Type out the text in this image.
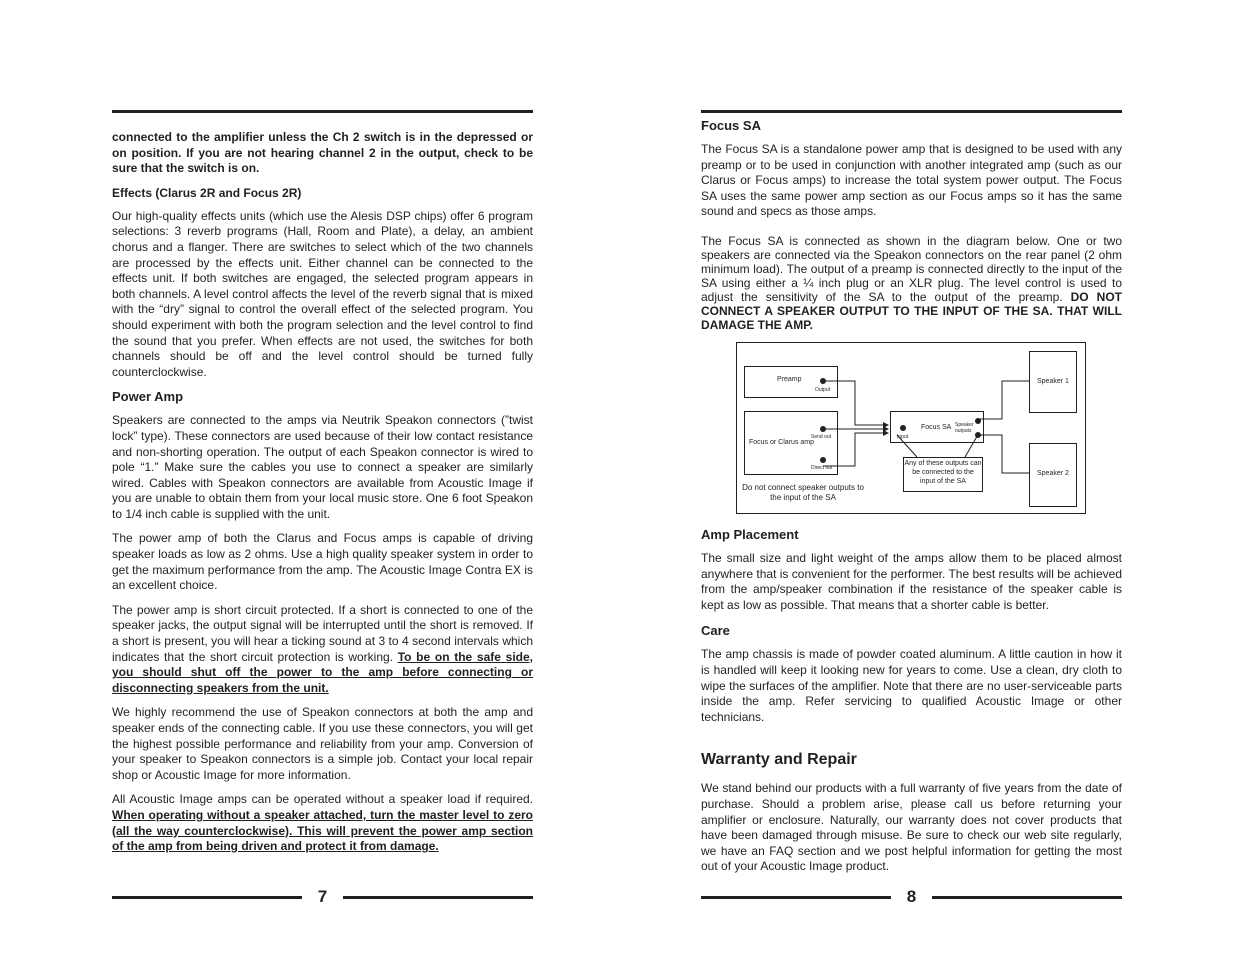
connected to the amplifier unless the Ch 2 switch is in the depressed or on position. If you are not hearing channel 2 in the output, check to be sure that the switch is on.

Effects (Clarus 2R and Focus 2R)

Our high-quality effects units (which use the Alesis DSP chips) offer 6 program selections: 3 reverb programs (Hall, Room and Plate), a delay, an ambient chorus and a flanger. There are switches to select which of the two channels are processed by the effects unit. Either channel can be connected to the effects unit. If both switches are engaged, the selected program appears in both channels. A level control affects the level of the reverb signal that is mixed with the “dry” signal to control the overall effect of the selected program. You should experiment with both the program selection and the level control to find the sound that you prefer. When effects are not used, the switches for both channels should be off and the level control should be turned fully counterclockwise.

Power Amp

Speakers are connected to the amps via Neutrik Speakon connectors (”twist lock” type). These connectors are used because of their low contact resistance and non-shorting operation. The output of each Speakon connector is wired to pole “1.” Make sure the cables you use to connect a speaker are similarly wired. Cables with Speakon connectors are available from Acoustic Image if you are unable to obtain them from your local music store. One 6 foot Speakon to 1/4 inch cable is supplied with the unit.

The power amp of both the Clarus and Focus amps is capable of driving speaker loads as low as 2 ohms. Use a high quality speaker system in order to get the maximum performance from the amp. The Acoustic Image Contra EX is an excellent choice.

The power amp is short circuit protected. If a short is connected to one of the speaker jacks, the output signal will be interrupted until the short is removed. If a short is present, you will hear a ticking sound at 3 to 4 second intervals which indicates that the short circuit protection is working. To be on the safe side, you should shut off the power to the amp before connecting or disconnecting speakers from the unit.

We highly recommend the use of Speakon connectors at both the amp and speaker ends of the connecting cable. If you use these connectors, you will get the highest possible performance and reliability from your amp. Conversion of your speaker to Speakon connectors is a simple job. Contact your local repair shop or Acoustic Image for more information.

All Acoustic Image amps can be operated without a speaker load if required. When operating without a speaker attached, turn the master level to zero (all the way counterclockwise). This will prevent the power amp section of the amp from being driven and protect it from damage.

7
Focus SA

The Focus SA is a standalone power amp that is designed to be used with any preamp or to be used in conjunction with another integrated amp (such as our Clarus or Focus amps) to increase the total system power output. The Focus SA uses the same power amp section as our Focus amps so it has the same sound and specs as those amps.

The Focus SA is connected as shown in the diagram below. One or two speakers are connected via the Speakon connectors on the rear panel (2 ohm minimum load). The output of a preamp is connected directly to the input of the SA using either a ¼ inch plug or an XLR plug. The level control is used to adjust the sensitivity of the SA to the output of the preamp. DO NOT CONNECT A SPEAKER OUTPUT TO THE INPUT OF THE SA. THAT WILL DAMAGE THE AMP.

Preamp
Output
Send out
Focus or Clarus amp
Direct out
Input
Focus SA Speaker outputs
Speaker 1
Speaker 2
Any of these outputs can be connected to the input of the SA
Do not connect speaker outputs to the input of the SA
Amp Placement

The small size and light weight of the amps allow them to be placed almost anywhere that is convenient for the performer. The best results will be achieved from the amp/speaker combination if the resistance of the speaker cable is kept as low as possible. That means that a shorter cable is better.

Care

The amp chassis is made of powder coated aluminum. A little caution in how it is handled will keep it looking new for years to come. Use a clean, dry cloth to wipe the surfaces of the amplifier. Note that there are no user-serviceable parts inside the amp. Refer servicing to qualified Acoustic Image or other technicians.

Warranty and Repair

We stand behind our products with a full warranty of five years from the date of purchase. Should a problem arise, please call us before returning your amplifier or enclosure. Naturally, our warranty does not cover products that have been damaged through misuse. Be sure to check our web site regularly, we have an FAQ section and we post helpful information for getting the most out of your Acoustic Image product.

8
